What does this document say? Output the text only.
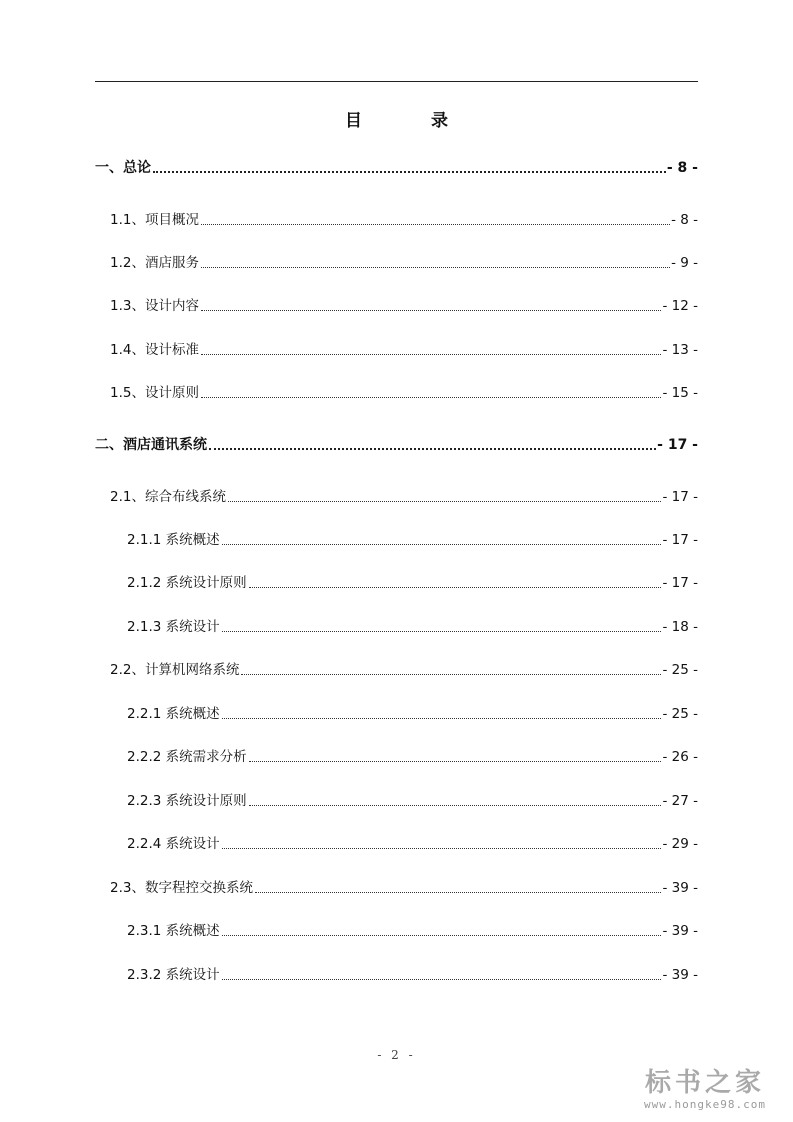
目　录
一、总论	- 8 -
1.1、项目概况	- 8 -
1.2、酒店服务	- 9 -
1.3、设计内容	- 12 -
1.4、设计标准	- 13 -
1.5、设计原则	- 15 -
二、酒店通讯系统	- 17 -
2.1、综合布线系统	- 17 -
2.1.1 系统概述	- 17 -
2.1.2 系统设计原则	- 17 -
2.1.3 系统设计	- 18 -
2.2、计算机网络系统	- 25 -
2.2.1 系统概述	- 25 -
2.2.2 系统需求分析	- 26 -
2.2.3 系统设计原则	- 27 -
2.2.4 系统设计	- 29 -
2.3、数字程控交换系统	- 39 -
2.3.1 系统概述	- 39 -
2.3.2 系统设计	- 39 -
- 2 -
标书之家
www.hongke98.com
